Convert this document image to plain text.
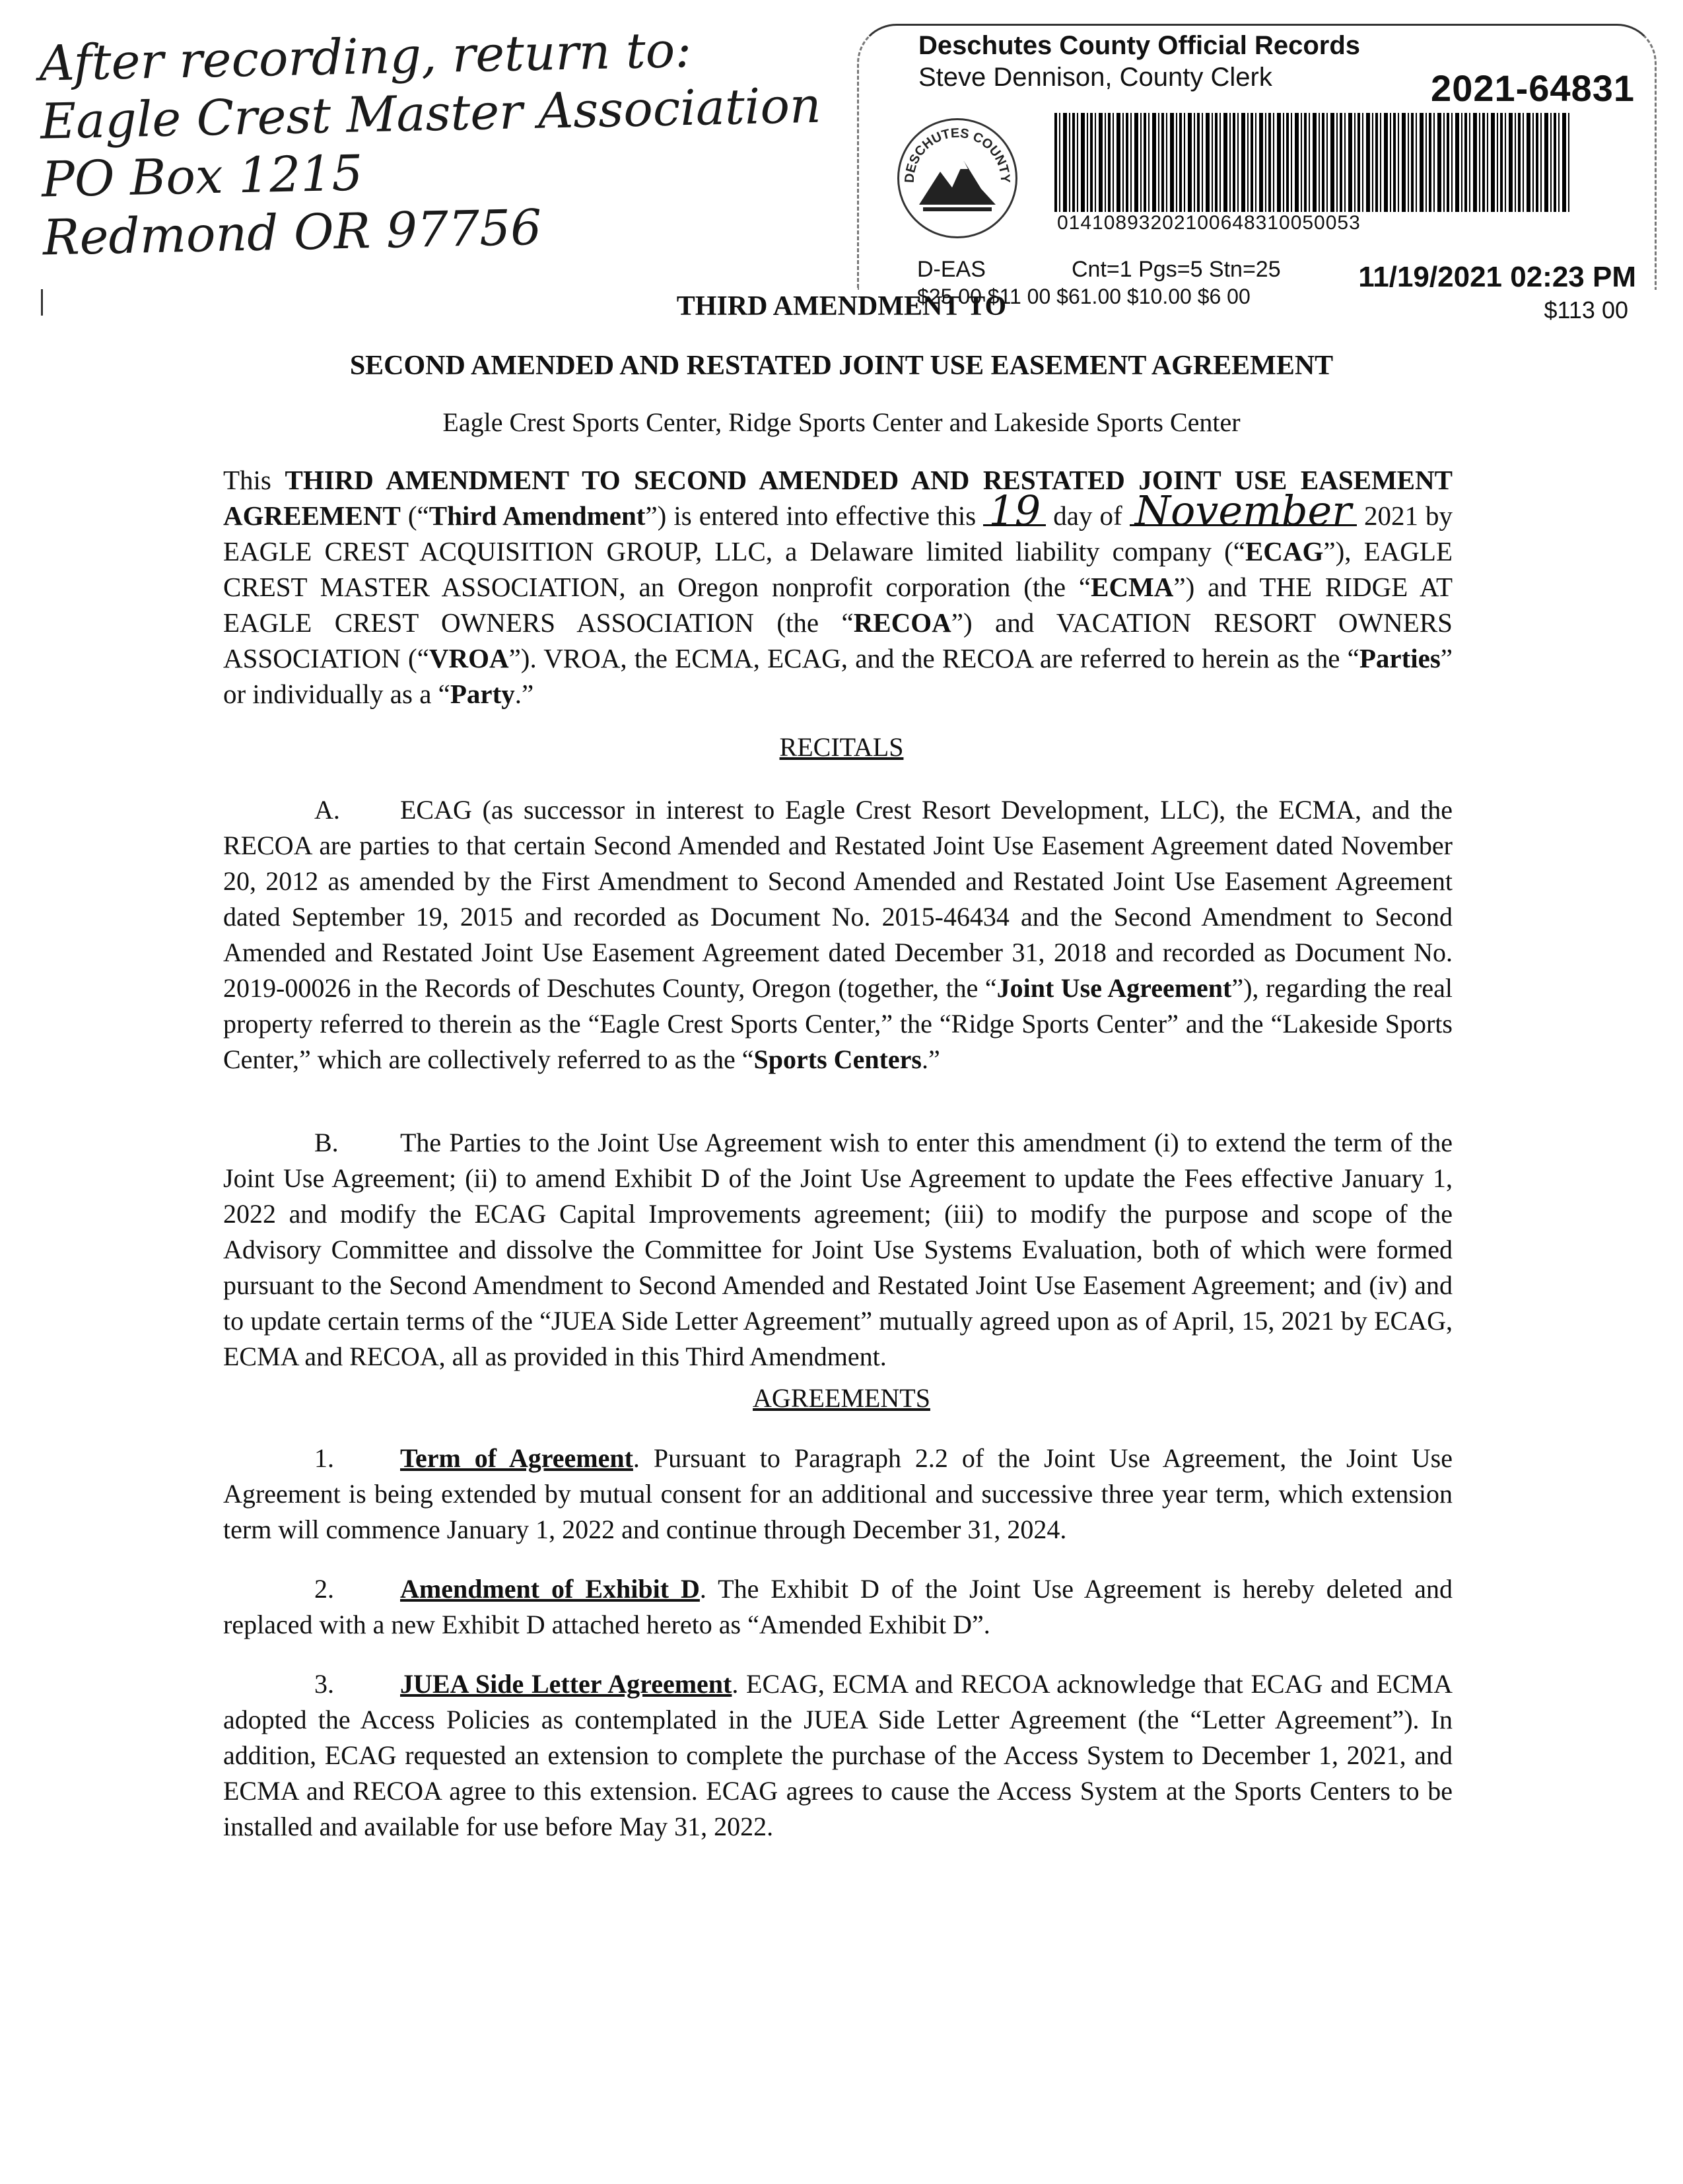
After recording, return to:
Eagle Crest Master Association
PO Box 1215
Redmond OR 97756
Deschutes County Official Records
Steve Dennison, County Clerk	2021-64831
DESCHUTES COUNTY
01410893202100648310050053
D-EAS	Cnt=1 Pgs=5 Stn=25
$25 00 $11 00 $61.00 $10.00 $6 00
11/19/2021 02:23 PM
$113 00
THIRD AMENDMENT TO
SECOND AMENDED AND RESTATED JOINT USE EASEMENT AGREEMENT
Eagle Crest Sports Center, Ridge Sports Center and Lakeside Sports Center
This THIRD AMENDMENT TO SECOND AMENDED AND RESTATED JOINT USE EASEMENT AGREEMENT (“Third Amendment”) is entered into effective this 19 day of November 2021 by EAGLE CREST ACQUISITION GROUP, LLC, a Delaware limited liability company (“ECAG”), EAGLE CREST MASTER ASSOCIATION, an Oregon nonprofit corporation (the “ECMA”) and THE RIDGE AT EAGLE CREST OWNERS ASSOCIATION (the “RECOA”) and VACATION RESORT OWNERS ASSOCIATION (“VROA”). VROA, the ECMA, ECAG, and the RECOA are referred to herein as the “Parties” or individually as a “Party.”
RECITALS
A. ECAG (as successor in interest to Eagle Crest Resort Development, LLC), the ECMA, and the RECOA are parties to that certain Second Amended and Restated Joint Use Easement Agreement dated November 20, 2012 as amended by the First Amendment to Second Amended and Restated Joint Use Easement Agreement dated September 19, 2015 and recorded as Document No. 2015-46434 and the Second Amendment to Second Amended and Restated Joint Use Easement Agreement dated December 31, 2018 and recorded as Document No. 2019-00026 in the Records of Deschutes County, Oregon (together, the “Joint Use Agreement”), regarding the real property referred to therein as the “Eagle Crest Sports Center,” the “Ridge Sports Center” and the “Lakeside Sports Center,” which are collectively referred to as the “Sports Centers.”
B. The Parties to the Joint Use Agreement wish to enter this amendment (i) to extend the term of the Joint Use Agreement; (ii) to amend Exhibit D of the Joint Use Agreement to update the Fees effective January 1, 2022 and modify the ECAG Capital Improvements agreement; (iii) to modify the purpose and scope of the Advisory Committee and dissolve the Committee for Joint Use Systems Evaluation, both of which were formed pursuant to the Second Amendment to Second Amended and Restated Joint Use Easement Agreement; and (iv) and to update certain terms of the “JUEA Side Letter Agreement” mutually agreed upon as of April, 15, 2021 by ECAG, ECMA and RECOA, all as provided in this Third Amendment.
AGREEMENTS
1.	Term of Agreement. Pursuant to Paragraph 2.2 of the Joint Use Agreement, the Joint Use Agreement is being extended by mutual consent for an additional and successive three year term, which extension term will commence January 1, 2022 and continue through December 31, 2024.
2.	Amendment of Exhibit D. The Exhibit D of the Joint Use Agreement is hereby deleted and replaced with a new Exhibit D attached hereto as “Amended Exhibit D”.
3.	JUEA Side Letter Agreement. ECAG, ECMA and RECOA acknowledge that ECAG and ECMA adopted the Access Policies as contemplated in the JUEA Side Letter Agreement (the “Letter Agreement”). In addition, ECAG requested an extension to complete the purchase of the Access System to December 1, 2021, and ECMA and RECOA agree to this extension. ECAG agrees to cause the Access System at the Sports Centers to be installed and available for use before May 31, 2022.
